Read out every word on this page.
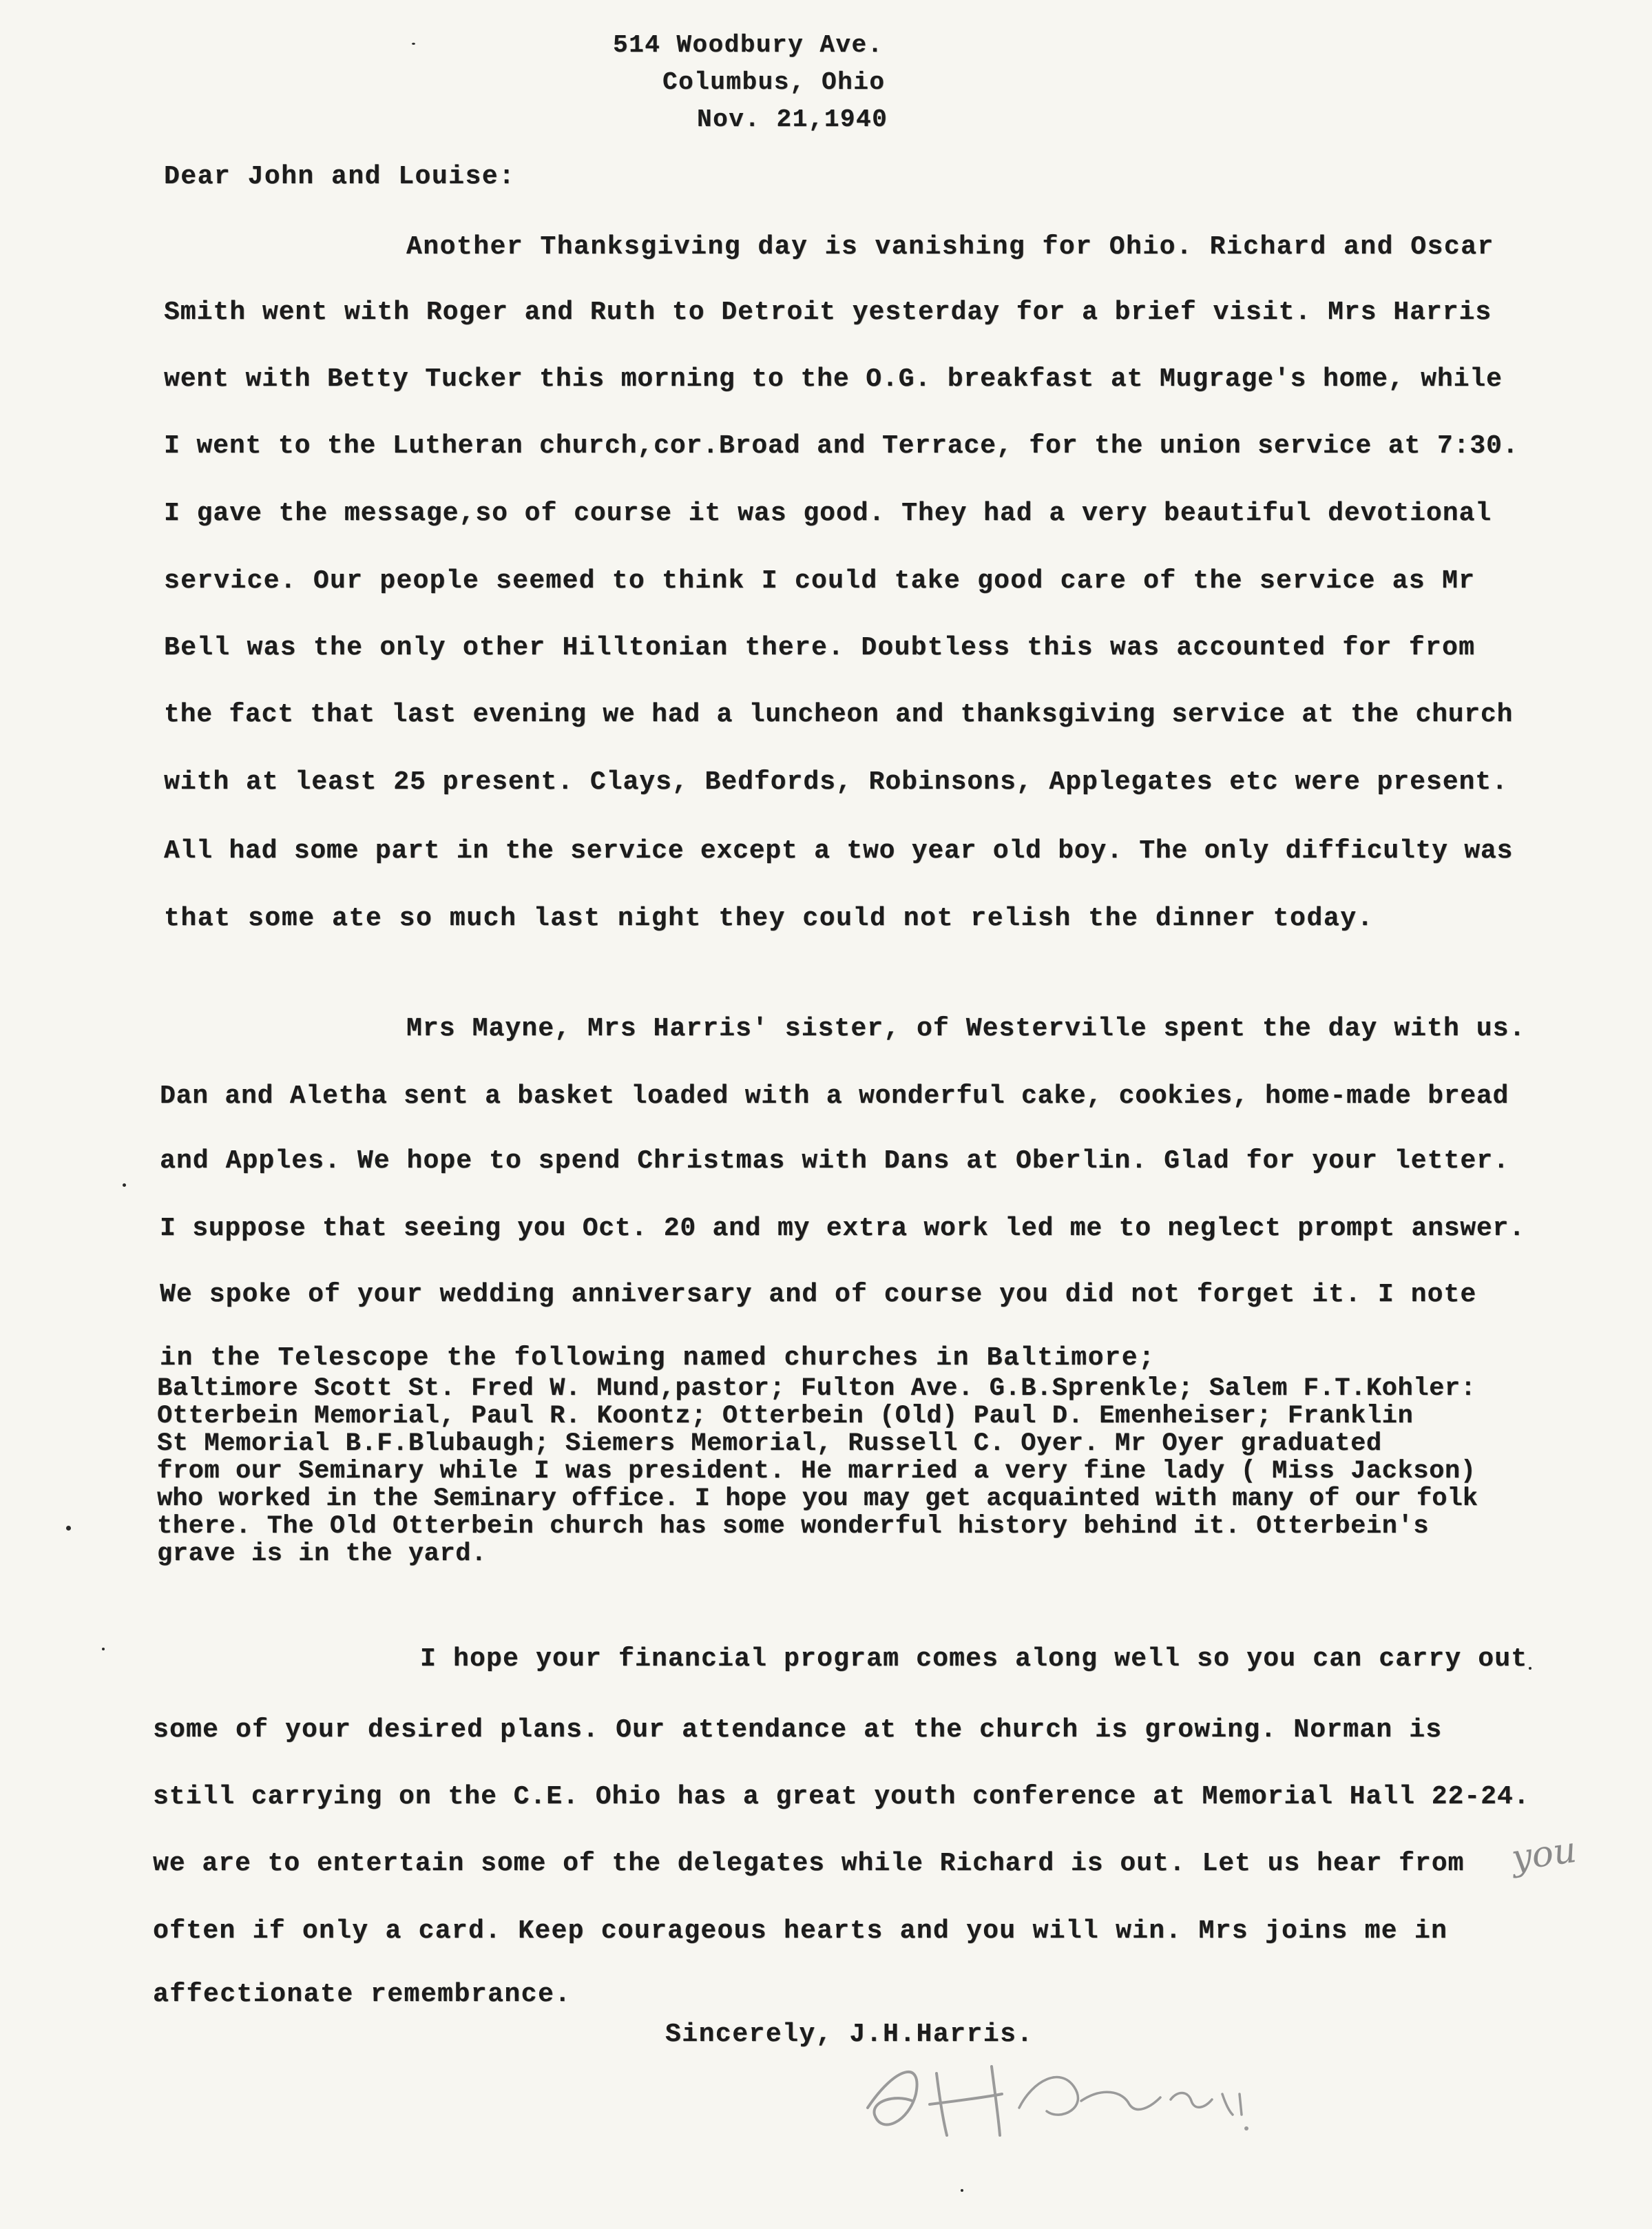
514 Woodbury Ave.
Columbus, Ohio
Nov. 21,1940
Dear John and Louise:
Another Thanksgiving day is vanishing for Ohio. Richard and Oscar
Smith went with Roger and Ruth to Detroit yesterday for a brief visit. Mrs Harris
went with Betty Tucker this morning to the O.G. breakfast at Mugrage's home, while
I went to the Lutheran church,cor.Broad and Terrace, for the union service at 7:30.
I gave the message,so of course it was good. They had a very beautiful devotional
service. Our people seemed to think I could take good care of the service as Mr
Bell was the only other Hilltonian there. Doubtless this was accounted for from
the fact that last evening we had a luncheon and thanksgiving service at the church
with at least 25 present. Clays, Bedfords, Robinsons, Applegates etc were present.
All had some part in the service except a two year old boy. The only difficulty was
that some ate so much last night they could not relish the dinner today.
Mrs Mayne, Mrs Harris' sister, of Westerville spent the day with us.
Dan and Aletha sent a basket loaded with a wonderful cake, cookies, home-made bread
and Apples. We hope to spend Christmas with Dans at Oberlin. Glad for your letter.
I suppose that seeing you Oct. 20 and my extra work led me to neglect prompt answer.
We spoke of your wedding anniversary and of course you did not forget it. I note
in the Telescope the following named churches in Baltimore;
Baltimore Scott St. Fred W. Mund,pastor; Fulton Ave. G.B.Sprenkle; Salem F.T.Kohler:
Otterbein Memorial, Paul R. Koontz; Otterbein (Old) Paul D. Emenheiser; Franklin
St Memorial B.F.Blubaugh; Siemers Memorial, Russell C. Oyer. Mr Oyer graduated
from our Seminary while I was president. He married a very fine lady ( Miss Jackson)
who worked in the Seminary office. I hope you may get acquainted with many of our folk
there. The Old Otterbein church has some wonderful history behind it. Otterbein's
grave is in the yard.
I hope your financial program comes along well so you can carry out
some of your desired plans. Our attendance at the church is growing. Norman is
still carrying on the C.E. Ohio has a great youth conference at Memorial Hall 22-24.
we are to entertain some of the delegates while Richard is out. Let us hear from
often if only a card. Keep courageous hearts and you will win. Mrs joins me in
affectionate remembrance.
you
Sincerely, J.H.Harris.
